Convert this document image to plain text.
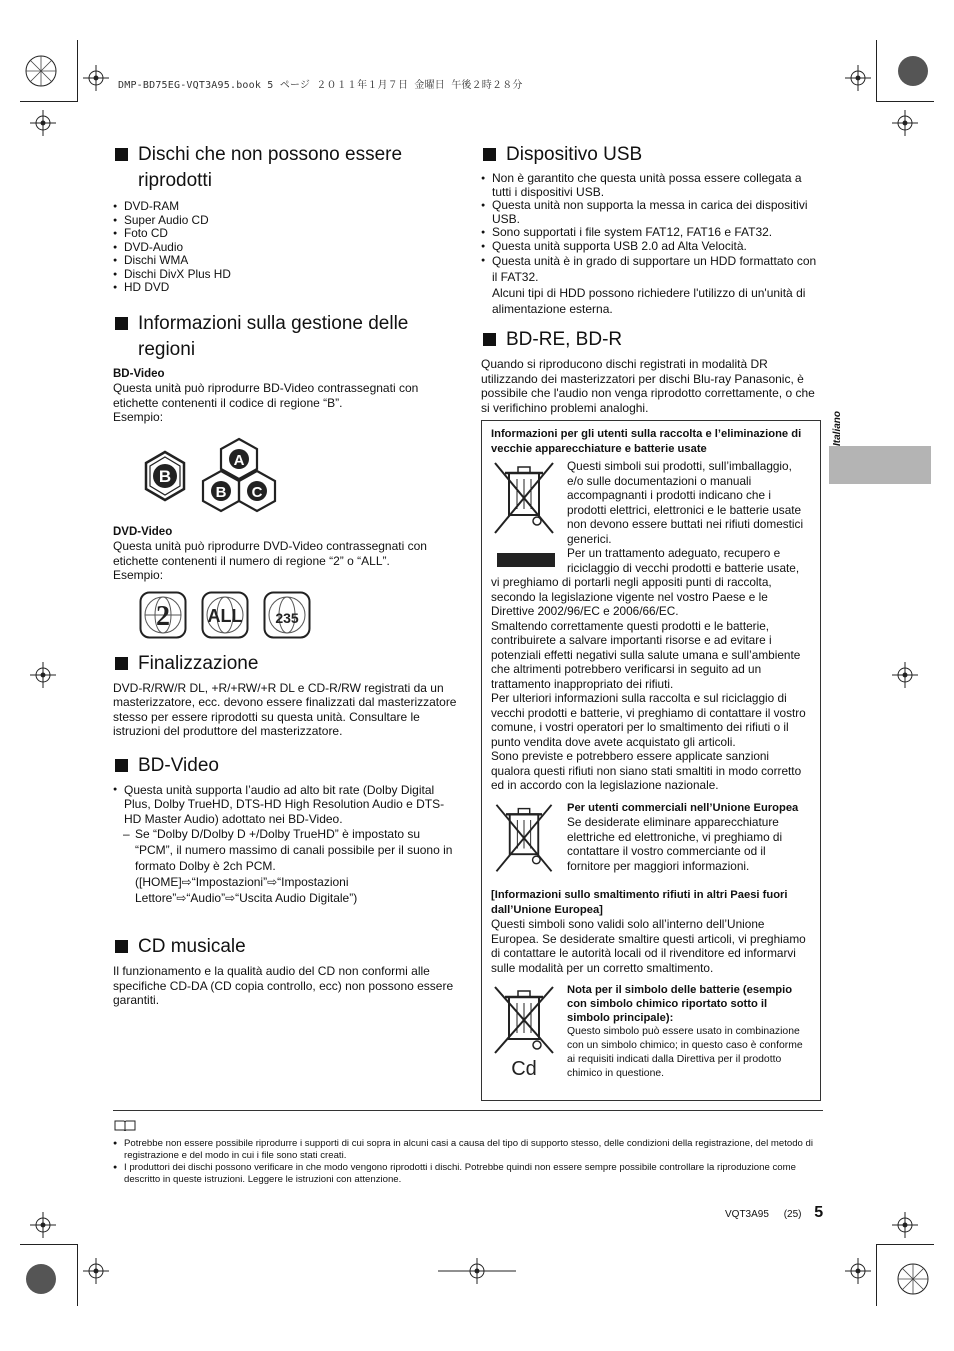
DMP-BD75EG-VQT3A95.book 5 ページ ２０１１年１月７日 金曜日 午後２時２８分
Dischi che non possono essere riprodotti
● DVD-RAM
● Super Audio CD
● Foto CD
● DVD-Audio
● Dischi WMA
● Dischi DivX Plus HD
● HD DVD
Informazioni sulla gestione delle regioni
BD-Video

Questa unità può riprodurre BD-Video contrassegnati con etichette contenenti il codice di regione “B”.

Esempio:

B
A
B C
DVD-Video

Questa unità può riprodurre DVD-Video contrassegnati con etichette contenenti il numero di regione “2” o “ALL”.

Esempio:

2 ALL 235
Finalizzazione

DVD-R/RW/R DL, +R/+RW/+R DL e CD-R/RW registrati da un masterizzatore, ecc. devono essere finalizzati dal masterizzatore stesso per essere riprodotti su questa unità. Consultare le istruzioni del produttore del masterizzatore.

BD-Video
● Questa unità supporta l’audio ad alto bit rate (Dolby Digital Plus, Dolby TrueHD, DTS-HD High Resolution Audio e DTS-HD Master Audio) adottato nei BD-Video.
– Se “Dolby D/Dolby D +/Dolby TrueHD” è impostato su “PCM”, il numero massimo di canali possibile per il suono in formato Dolby è 2ch PCM. ([HOME]⇨“Impostazioni”⇨“Impostazioni Lettore”⇨“Audio”⇨“Uscita Audio Digitale”)
CD musicale

Il funzionamento e la qualità audio del CD non conformi alle specifiche CD-DA (CD copia controllo, ecc) non possono essere garantiti.

Dispositivo USB
● Non è garantito che questa unità possa essere collegata a tutti i dispositivi USB.
● Questa unità non supporta la messa in carica dei dispositivi USB.
● Sono supportati i file system FAT12, FAT16 e FAT32.
● Questa unità supporta USB 2.0 ad Alta Velocità.
● Questa unità è in grado di supportare un HDD formattato con il FAT32.

Alcuni tipi di HDD possono richiedere l'utilizzo di un'unità di alimentazione esterna.

BD-RE, BD-R

Quando si riproducono dischi registrati in modalità DR utilizzando dei masterizzatori per dischi Blu-ray Panasonic, è possibile che l'audio non venga riprodotto correttamente, o che si verifichino problemi analoghi.

Informazioni per gli utenti sulla raccolta e l’eliminazione di vecchie apparecchiature e batterie usate

Questi simboli sui prodotti, sull’imballaggio, e/o sulle documentazioni o manuali accompagnanti i prodotti indicano che i prodotti elettrici, elettronici e le batterie usate non devono essere buttati nei rifiuti domestici generici.

Per un trattamento adeguato, recupero e riciclaggio di vecchi prodotti e batterie usate,

vi preghiamo di portarli negli appositi punti di raccolta, secondo la legislazione vigente nel vostro Paese e le Direttive 2002/96/EC e 2006/66/EC.

Smaltendo correttamente questi prodotti e le batterie, contribuirete a salvare importanti risorse e ad evitare i potenziali effetti negativi sulla salute umana e sull’ambiente che altrimenti potrebbero verificarsi in seguito ad un trattamento inappropriato dei rifiuti.

Per ulteriori informazioni sulla raccolta e sul riciclaggio di vecchi prodotti e batterie, vi preghiamo di contattare il vostro comune, i vostri operatori per lo smaltimento dei rifiuti o il punto vendita dove avete acquistato gli articoli.

Sono previste e potrebbero essere applicate sanzioni qualora questi rifiuti non siano stati smaltiti in modo corretto ed in accordo con la legislazione nazionale.

Per utenti commerciali nell’Unione Europea

Se desiderate eliminare apparecchiature elettriche ed elettroniche, vi preghiamo di contattare il vostro commerciante od il fornitore per maggiori informazioni.

[Informazioni sullo smaltimento rifiuti in altri Paesi fuori dall’Unione Europea]

Questi simboli sono validi solo all’interno dell’Unione Europea. Se desiderate smaltire questi articoli, vi preghiamo di contattare le autorità locali od il rivenditore ed informarvi sulle modalità per un corretto smaltimento.

Cd

Nota per il simbolo delle batterie (esempio con simbolo chimico riportato sotto il simbolo principale):

Questo simbolo può essere usato in combinazione con un simbolo chimico; in questo caso è conforme ai requisiti indicati dalla Direttiva per il prodotto chimico in questione.

Italiano
● Potrebbe non essere possibile riprodurre i supporti di cui sopra in alcuni casi a causa del tipo di supporto stesso, delle condizioni della registrazione, del metodo di registrazione e del modo in cui i file sono stati creati.
● I produttori dei dischi possono verificare in che modo vengono riprodotti i dischi. Potrebbe quindi non essere sempre possibile controllare la riproduzione come descritto in queste istruzioni. Leggere le istruzioni con attenzione.
VQT3A95 (25) 5
